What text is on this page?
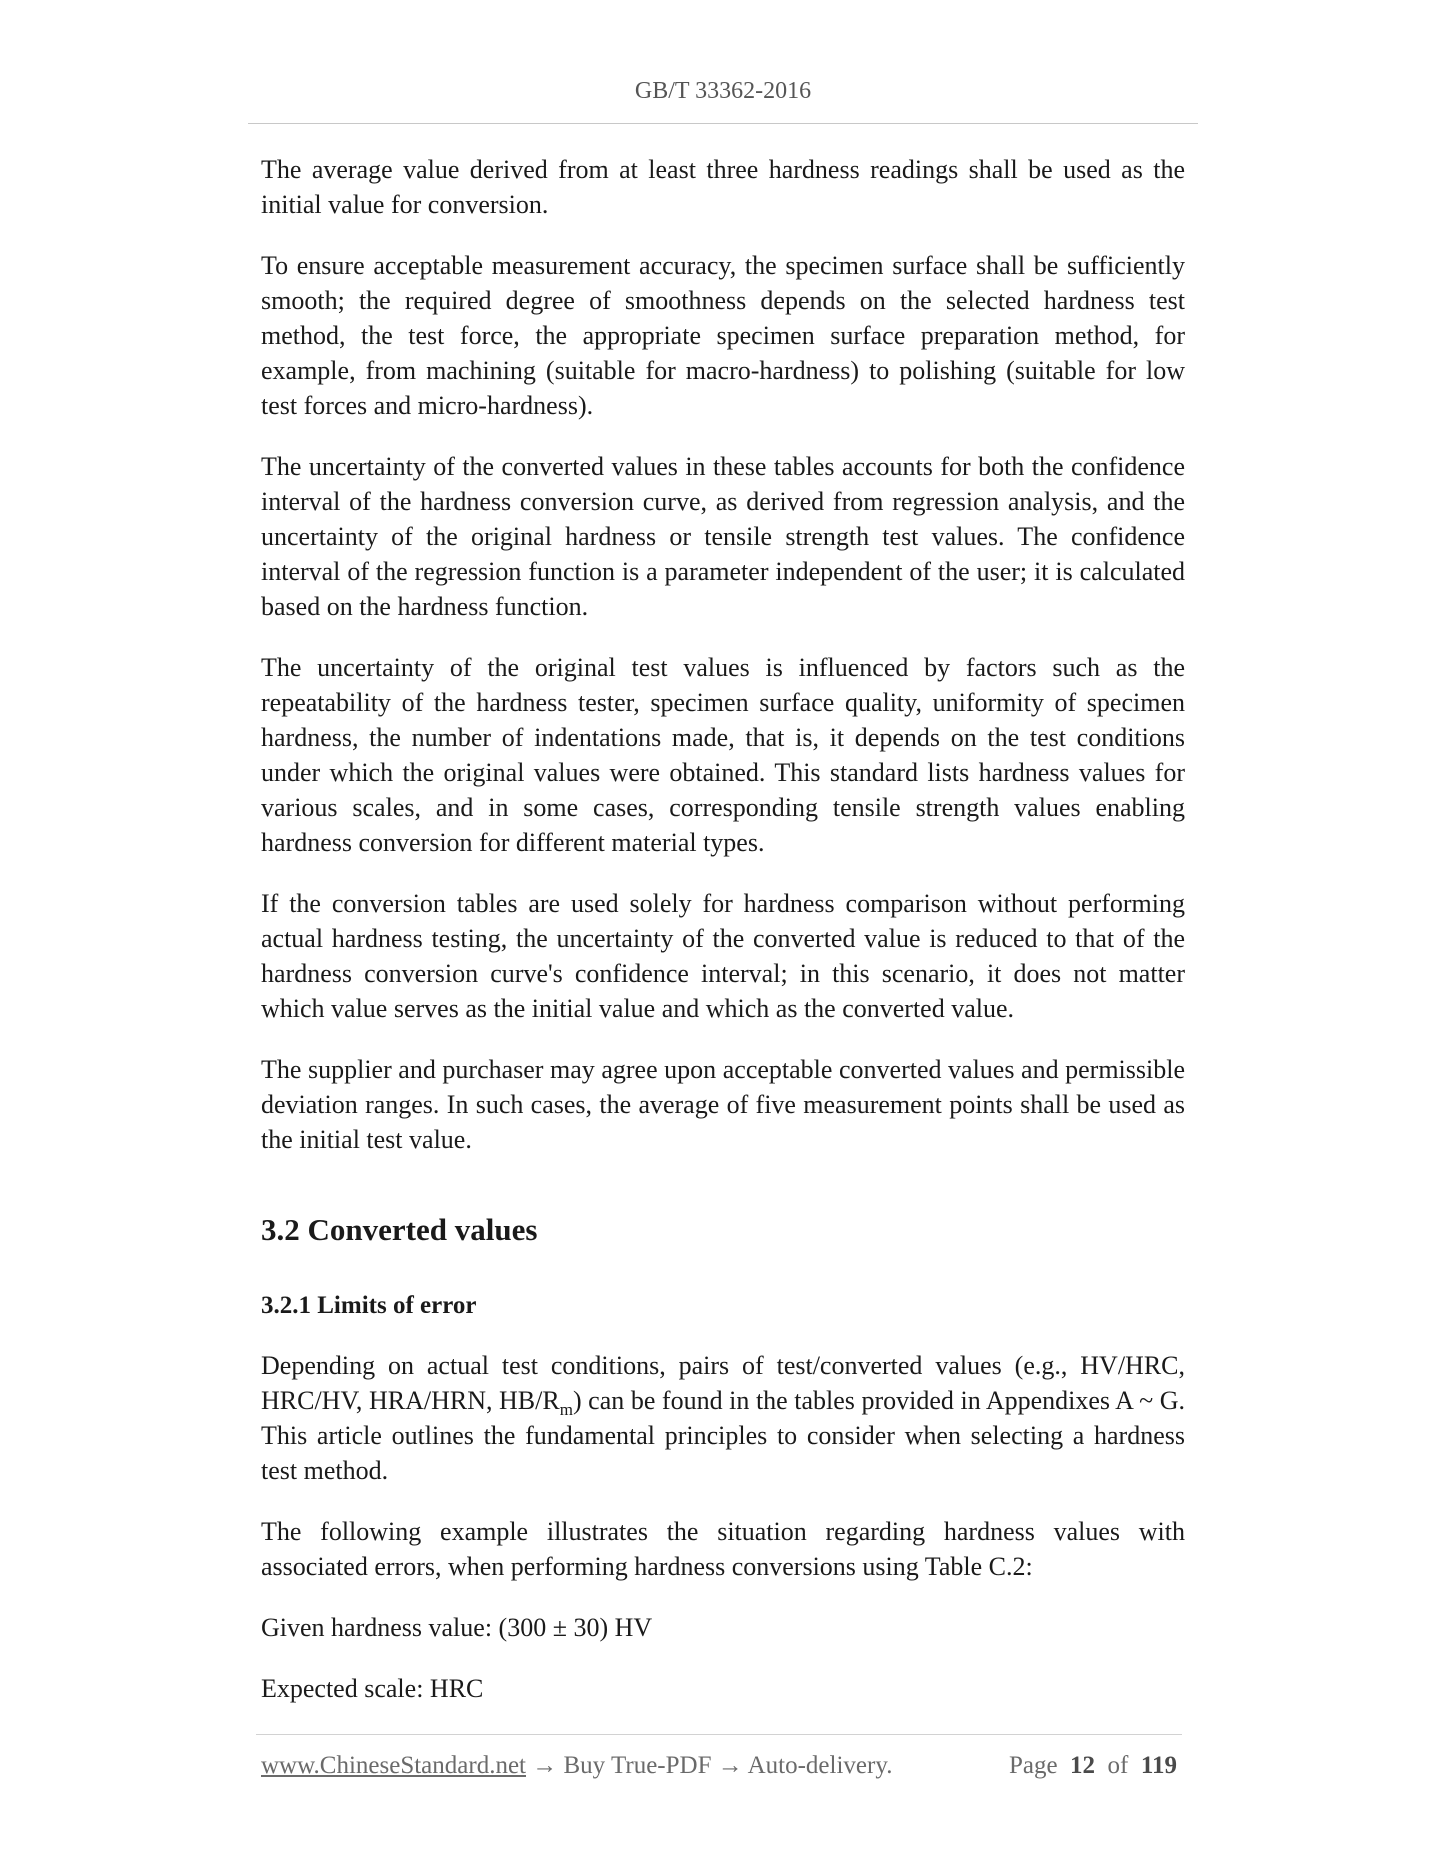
GB/T 33362-2016

The average value derived from at least three hardness readings shall be used as the initial value for conversion.

To ensure acceptable measurement accuracy, the specimen surface shall be sufficiently smooth; the required degree of smoothness depends on the selected hardness test method, the test force, the appropriate specimen surface preparation method, for example, from machining (suitable for macro-hardness) to polishing (suitable for low test forces and micro-hardness).

The uncertainty of the converted values in these tables accounts for both the confidence interval of the hardness conversion curve, as derived from regression analysis, and the uncertainty of the original hardness or tensile strength test values. The confidence interval of the regression function is a parameter independent of the user; it is calculated based on the hardness function.

The uncertainty of the original test values is influenced by factors such as the repeatability of the hardness tester, specimen surface quality, uniformity of specimen hardness, the number of indentations made, that is, it depends on the test conditions under which the original values were obtained. This standard lists hardness values for various scales, and in some cases, corresponding tensile strength values enabling hardness conversion for different material types.

If the conversion tables are used solely for hardness comparison without performing actual hardness testing, the uncertainty of the converted value is reduced to that of the hardness conversion curve's confidence interval; in this scenario, it does not matter which value serves as the initial value and which as the converted value.

The supplier and purchaser may agree upon acceptable converted values and permissible deviation ranges. In such cases, the average of five measurement points shall be used as the initial test value.

3.2 Converted values
3.2.1 Limits of error

Depending on actual test conditions, pairs of test/converted values (e.g., HV/HRC, HRC/HV, HRA/HRN, $HB/R_m$) can be found in the tables provided in Appendixes A ~ G. This article outlines the fundamental principles to consider when selecting a hardness test method.

The following example illustrates the situation regarding hardness values with associated errors, when performing hardness conversions using Table C.2:

Given hardness value: (300 ± 30) HV

Expected scale: HRC

www.ChineseStandard.net → Buy True-PDF → Auto-delivery.	Page 12 of 119
